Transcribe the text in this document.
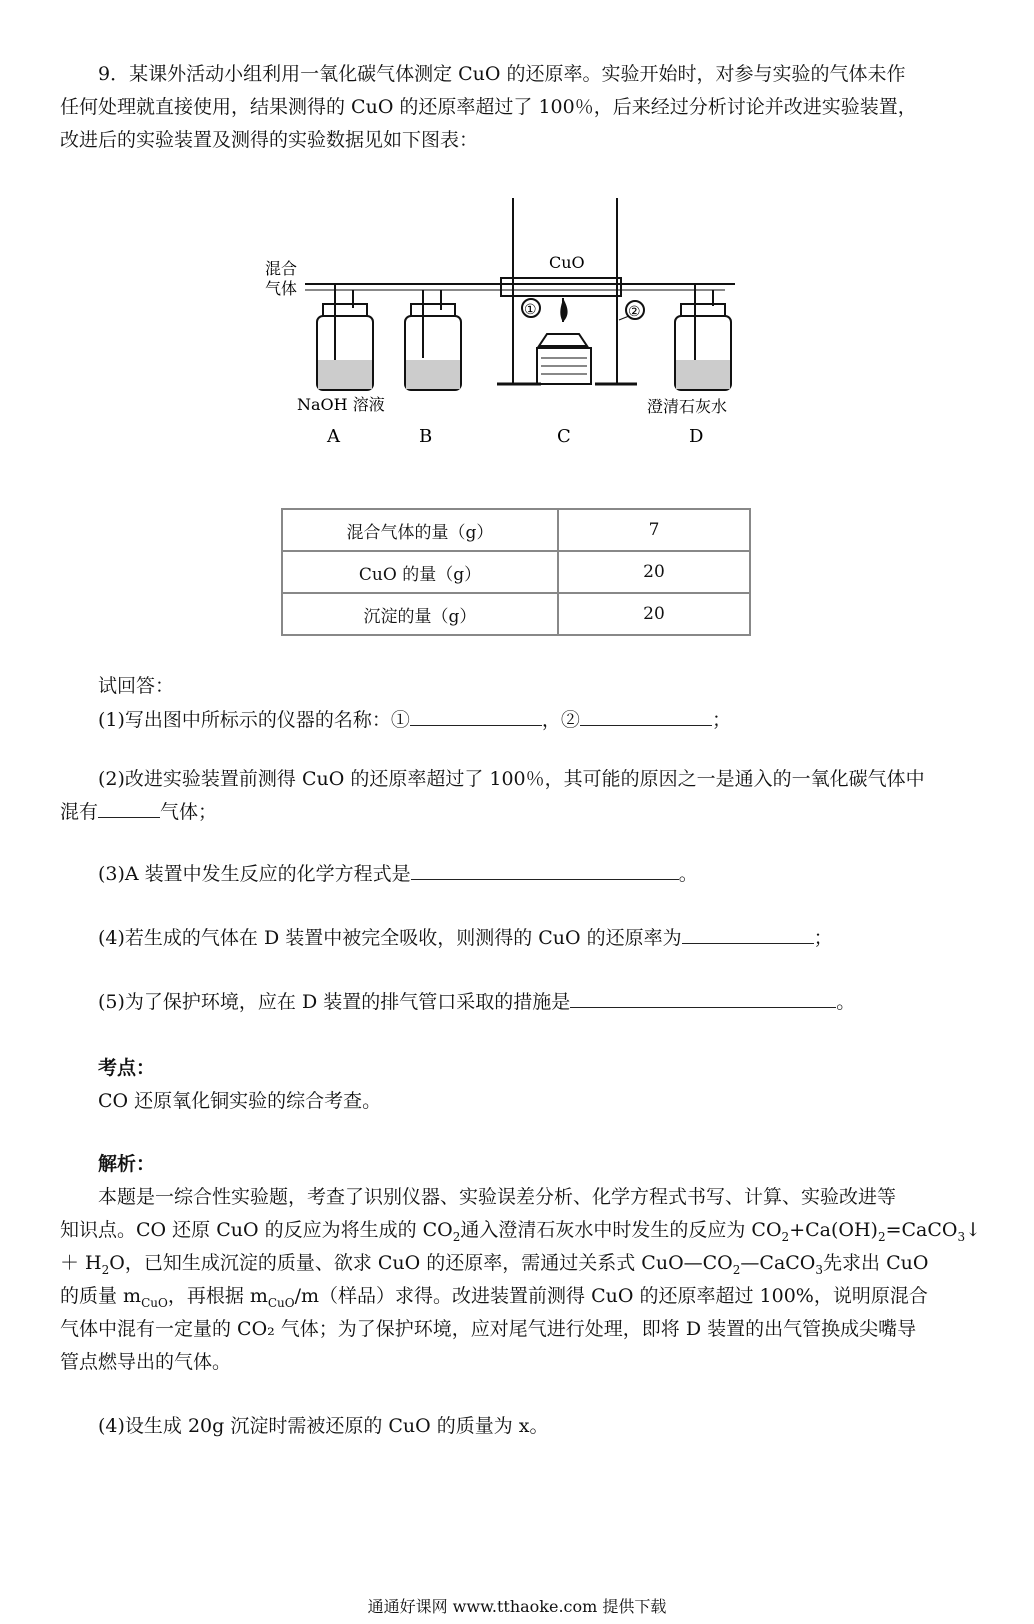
9．某课外活动小组利用一氧化碳气体测定 CuO 的还原率。实验开始时，对参与实验的气体未作
任何处理就直接使用，结果测得的 CuO 的还原率超过了 100％，后来经过分析讨论并改进实验装置，
改进后的实验装置及测得的实验数据见如下图表：
混合
气体
CuO
①	②
NaOH 溶液	澄清石灰水
A	B	C	D
混合气体的量（g）	7
CuO 的量（g）	20
沉淀的量（g）	20
试回答：
(1)写出图中所标示的仪器的名称：①	，②	；
(2)改进实验装置前测得 CuO 的还原率超过了 100％，其可能的原因之一是通入的一氧化碳气体中
混有	气体；
(3)A 装置中发生反应的化学方程式是	。
(4)若生成的气体在 D 装置中被完全吸收，则测得的 CuO 的还原率为	；
(5)为了保护环境，应在 D 装置的排气管口采取的措施是	。
考点：
CO 还原氧化铜实验的综合考查。
解析：
本题是一综合性实验题，考查了识别仪器、实验误差分析、化学方程式书写、计算、实验改进等
知识点。CO 还原 CuO 的反应为将生成的 $CO_2$通入澄清石灰水中时发生的反应为 $CO_2+Ca(OH)_2=CaCO_3↓$
＋ $H_2O$，已知生成沉淀的质量、欲求 CuO 的还原率，需通过关系式 $CuO—CO_2—CaCO_3$先求出 CuO
的质量 $m_{CuO}$，再根据 $m_{CuO}/m$（样品）求得。改进装置前测得 CuO 的还原率超过 100%，说明原混合
气体中混有一定量的 CO₂ 气体；为了保护环境，应对尾气进行处理，即将 D 装置的出气管换成尖嘴导
管点燃导出的气体。
(4)设生成 20g 沉淀时需被还原的 CuO 的质量为 x。
通通好课网 www.tthaoke.com 提供下载
